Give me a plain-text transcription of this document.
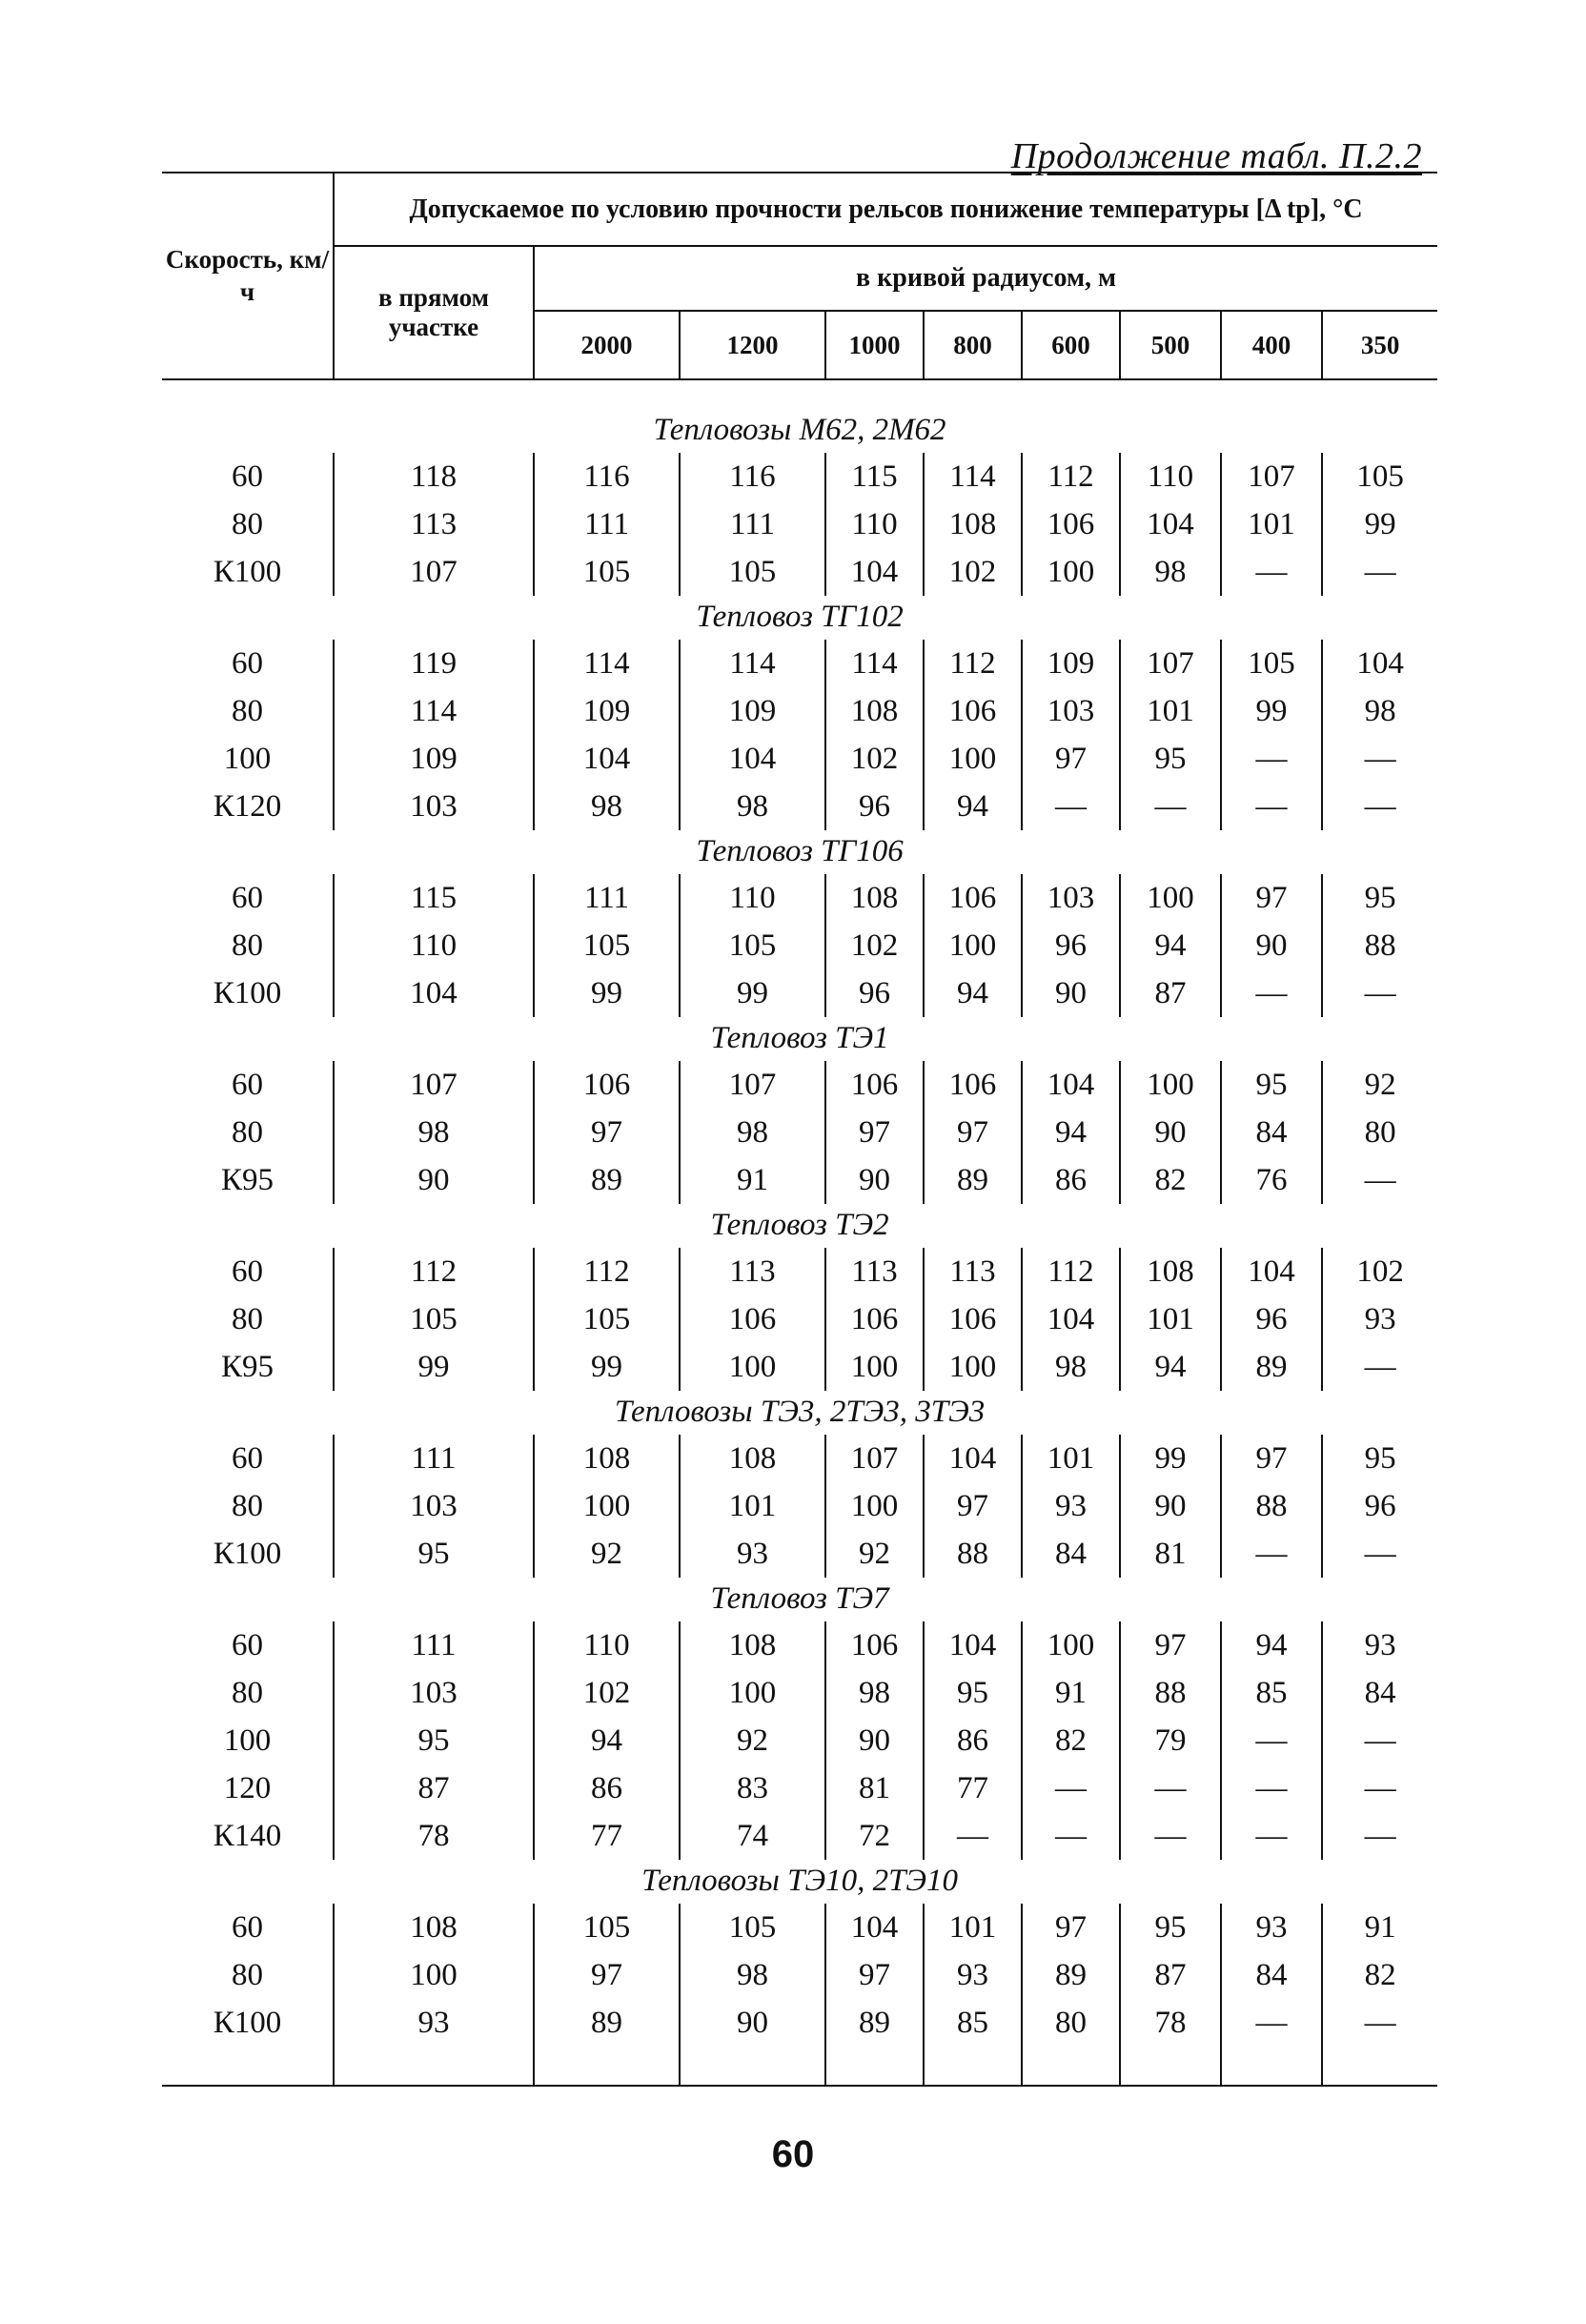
Продолжение табл. П.2.2
Скорость, км/ч	Допускаемое по условию прочности рельсов понижение температуры [Δ tр], °С								
	в прямом участке	в кривой радиусом, м							
		2000	1200	1000	800	600	500	400	350

Тепловозы М62, 2М62									
60	118	116	116	115	114	112	110	107	105
80	113	111	111	110	108	106	104	101	99
К100	107	105	105	104	102	100	98	—	—
Тепловоз ТГ102									
60	119	114	114	114	112	109	107	105	104
80	114	109	109	108	106	103	101	99	98
100	109	104	104	102	100	97	95	—	—
К120	103	98	98	96	94	—	—	—	—
Тепловоз ТГ106									
60	115	111	110	108	106	103	100	97	95
80	110	105	105	102	100	96	94	90	88
К100	104	99	99	96	94	90	87	—	—
Тепловоз ТЭ1									
60	107	106	107	106	106	104	100	95	92
80	98	97	98	97	97	94	90	84	80
К95	90	89	91	90	89	86	82	76	—
Тепловоз ТЭ2									
60	112	112	113	113	113	112	108	104	102
80	105	105	106	106	106	104	101	96	93
К95	99	99	100	100	100	98	94	89	—
Тепловозы ТЭ3, 2ТЭ3, 3ТЭ3									
60	111	108	108	107	104	101	99	97	95
80	103	100	101	100	97	93	90	88	96
К100	95	92	93	92	88	84	81	—	—
Тепловоз ТЭ7									
60	111	110	108	106	104	100	97	94	93
80	103	102	100	98	95	91	88	85	84
100	95	94	92	90	86	82	79	—	—
120	87	86	83	81	77	—	—	—	—
К140	78	77	74	72	—	—	—	—	—
Тепловозы ТЭ10, 2ТЭ10									
60	108	105	105	104	101	97	95	93	91
80	100	97	98	97	93	89	87	84	82
К100	93	89	90	89	85	80	78	—	—

60
